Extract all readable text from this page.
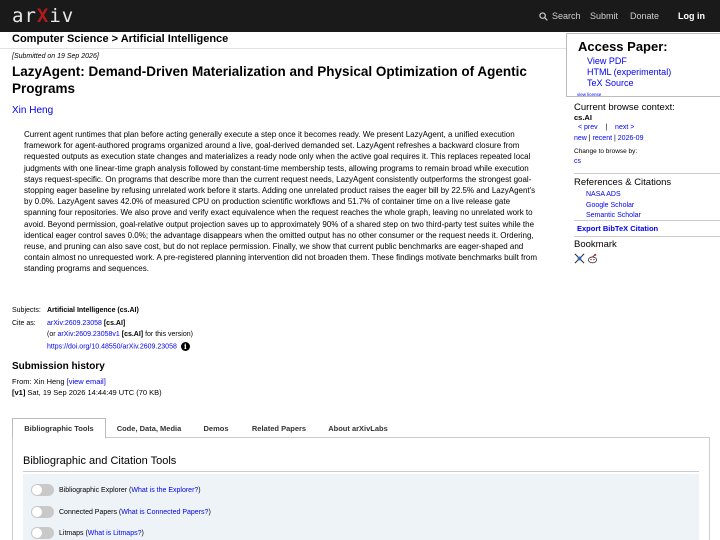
arXiv	Search Submit Donate Log in
Computer Science > Artificial Intelligence
[Submitted on 19 Sep 2026]
LazyAgent: Demand-Driven Materialization and Physical Optimization of Agentic Programs
Xin Heng
Current agent runtimes that plan before acting generally execute a step once it becomes ready. We present LazyAgent, a unified execution framework for agent-authored programs organized around a live, goal-derived demanded set. LazyAgent refreshes a backward closure from requested outputs as execution state changes and materializes a ready node only when the active goal requires it. This replaces repeated local judgments with one linear-time graph analysis followed by constant-time membership tests, allowing programs to remain broad while execution stays request-specific. On programs that describe more than the current request needs, LazyAgent consistently outperforms the strongest goal-stopping eager baseline by refusing unrelated work before it starts. Adding one unrelated product raises the eager bill by 22.5% and LazyAgent's by 0.0%. LazyAgent saves 42.0% of measured CPU on production scientific workflows and 51.7% of container time on a live release gate spanning four repositories. We also prove and verify exact equivalence when the request reaches the whole graph, leaving no unrelated work to avoid. Beyond permission, goal-relative output projection saves up to approximately 90% of a shared step on two third-party test suites while the identical eager control saves 0.0%; the advantage disappears when the omitted output has no other consumer or the request needs it. Ordering, reuse, and pruning can also save cost, but do not replace permission. Finally, we show that current public benchmarks are eager-shaped and contain almost no unrequested work. A pre-registered planning intervention did not broaden them. These findings motivate benchmarks built from standing programs and sequences.
Subjects: Artificial Intelligence (cs.AI)
Cite as: arXiv:2609.23058 [cs.AI]
(or arXiv:2609.23058v1 [cs.AI] for this version)
https://doi.org/10.48550/arXiv.2609.23058 i
Submission history
From: Xin Heng [view email]
[v1] Sat, 19 Sep 2026 14:44:49 UTC (70 KB)
Bibliographic Tools	Code, Data, Media	Demos	Related Papers	About arXivLabs
Bibliographic and Citation Tools
Bibliographic Explorer ( What is the Explorer? )
Connected Papers ( What is Connected Papers? )
Litmaps ( What is Litmaps? )
Access Paper:
View PDF
HTML (experimental)
TeX Source
view license
Current browse context:
cs.AI
< prev | next >
new | recent | 2026-09
Change to browse by:
cs
References & Citations
NASA ADS
Google Scholar
Semantic Scholar
Export BibTeX Citation
Bookmark
